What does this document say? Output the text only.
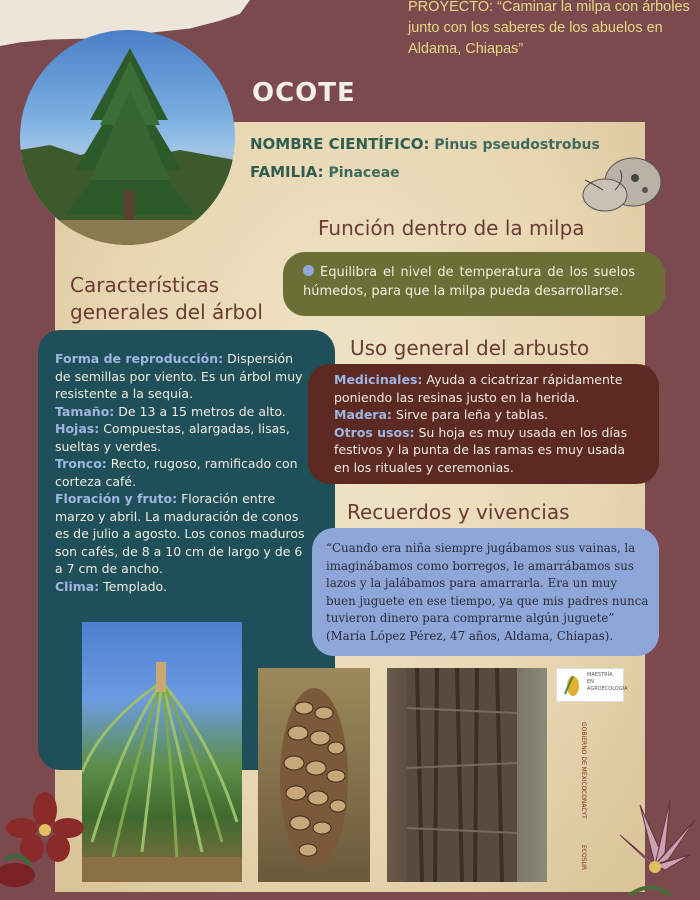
PROYECTO: “Caminar la milpa con árboles junto con los saberes de los abuelos en Aldama, Chiapas”
OCOTE
NOMBRE CIENTÍFICO: Pinus pseudostrobus
FAMILIA: Pinaceae
Función dentro de la milpa
Equilibra el nivel de temperatura de los suelos húmedos, para que la milpa pueda desarrollarse.
Características
generales del árbol
Forma de reproducción: Dispersión de semillas por viento. Es un árbol muy resistente a la sequía.
Tamaño: De 13 a 15 metros de alto.
Hojas: Compuestas, alargadas, lisas, sueltas y verdes.
Tronco: Recto, rugoso, ramificado con corteza café.
Floración y fruto: Floración entre marzo y abril. La maduración de conos es de julio a agosto. Los conos maduros son cafés, de 8 a 10 cm de largo y de 6 a 7 cm de ancho.
Clima: Templado.
Uso general del arbusto
Medicinales: Ayuda a cicatrizar rápidamente poniendo las resinas justo en la herida.
Madera: Sirve para leña y tablas.
Otros usos: Su hoja es muy usada en los días festivos y la punta de las ramas es muy usada en los rituales y ceremonias.
Recuerdos y vivencias
“Cuando era niña siempre jugábamos sus vainas, la imaginábamos como borregos, le amarrábamos sus lazos y la jalábamos para amarrarla. Era un muy buen juguete en ese tiempo, ya que mis padres nunca tuvieron dinero para comprarme algún juguete”
(María López Pérez, 47 años, Aldama, Chiapas).
MAESTRÍA EN AGROECOLOGÍA
GOBIERNO DE MÉXICO
CONACYT
ECOSUR
